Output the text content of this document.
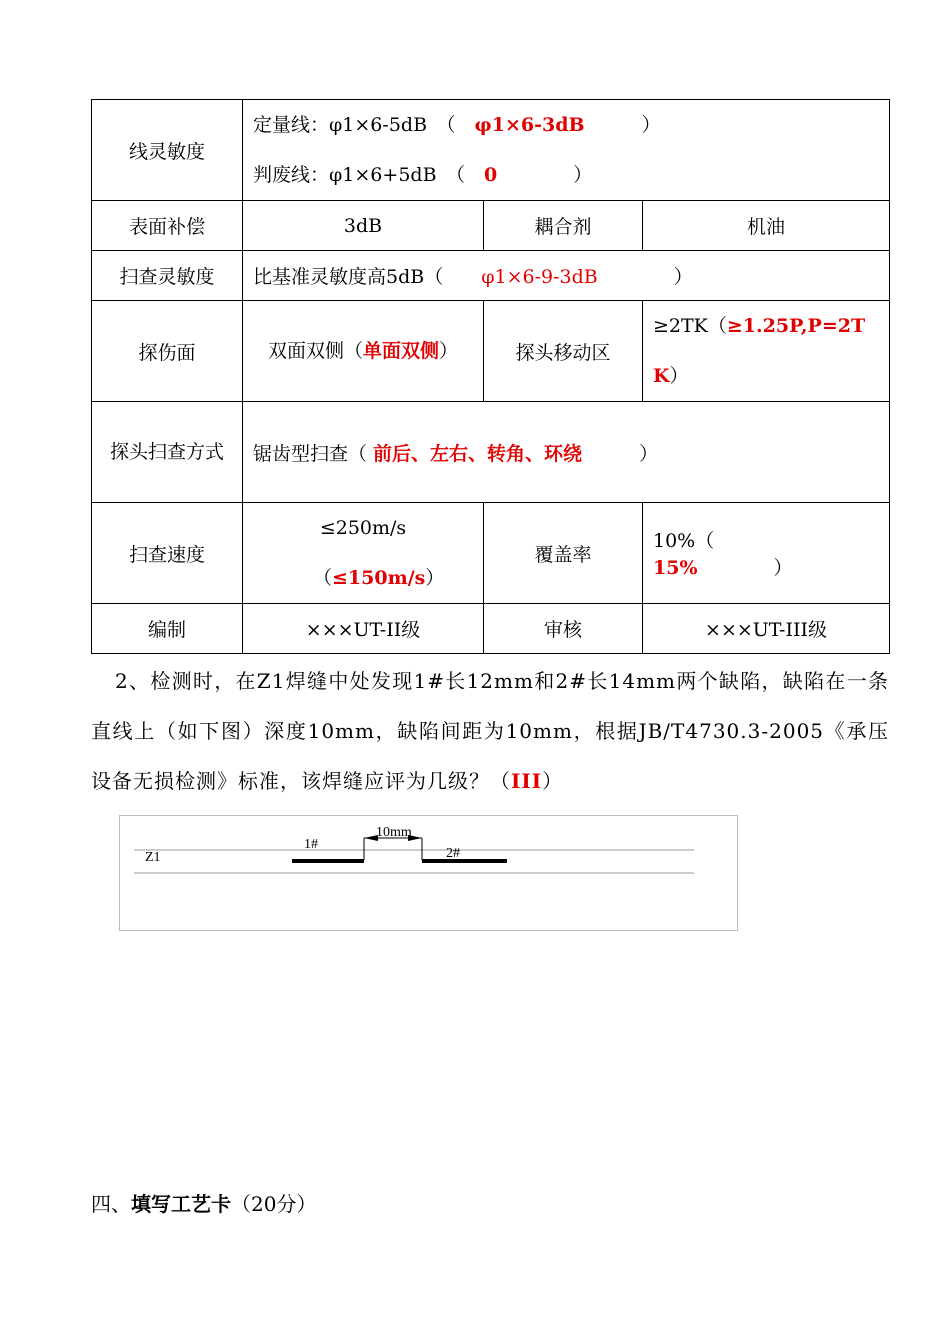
线灵敏度	定量线：φ1×6-5dB　（　φ1×6-3dB　　　）
判废线：φ1×6+5dB　（　0　　　　）		

表面补偿	3dB	耦合剂	机油
扫查灵敏度	比基准灵敏度高5dB（　　φ1×6-9-3dB　　　　）		
探伤面	双面双侧（单面双侧）	探头移动区	≥2TK（≥1.25P,P=2TK）
探头扫查方式	锯齿型扫查（ 前后、左右、转角、环绕　　　）		
扫查速度	≤250m/s（≤150m/s）	覆盖率	10%（　　15%　　　　）
编制	×××UT-II级	审核	×××UT-III级
2、检测时，在Z1焊缝中处发现1#长12mm和2#长14mm两个缺陷，缺陷在一条直线上（如下图）深度10mm，缺陷间距为10mm，根据JB/T4730.3-2005《承压设备无损检测》标准，该焊缝应评为几级？（III）
Z1
1#
2#
10mm
四、填写工艺卡（20分）
